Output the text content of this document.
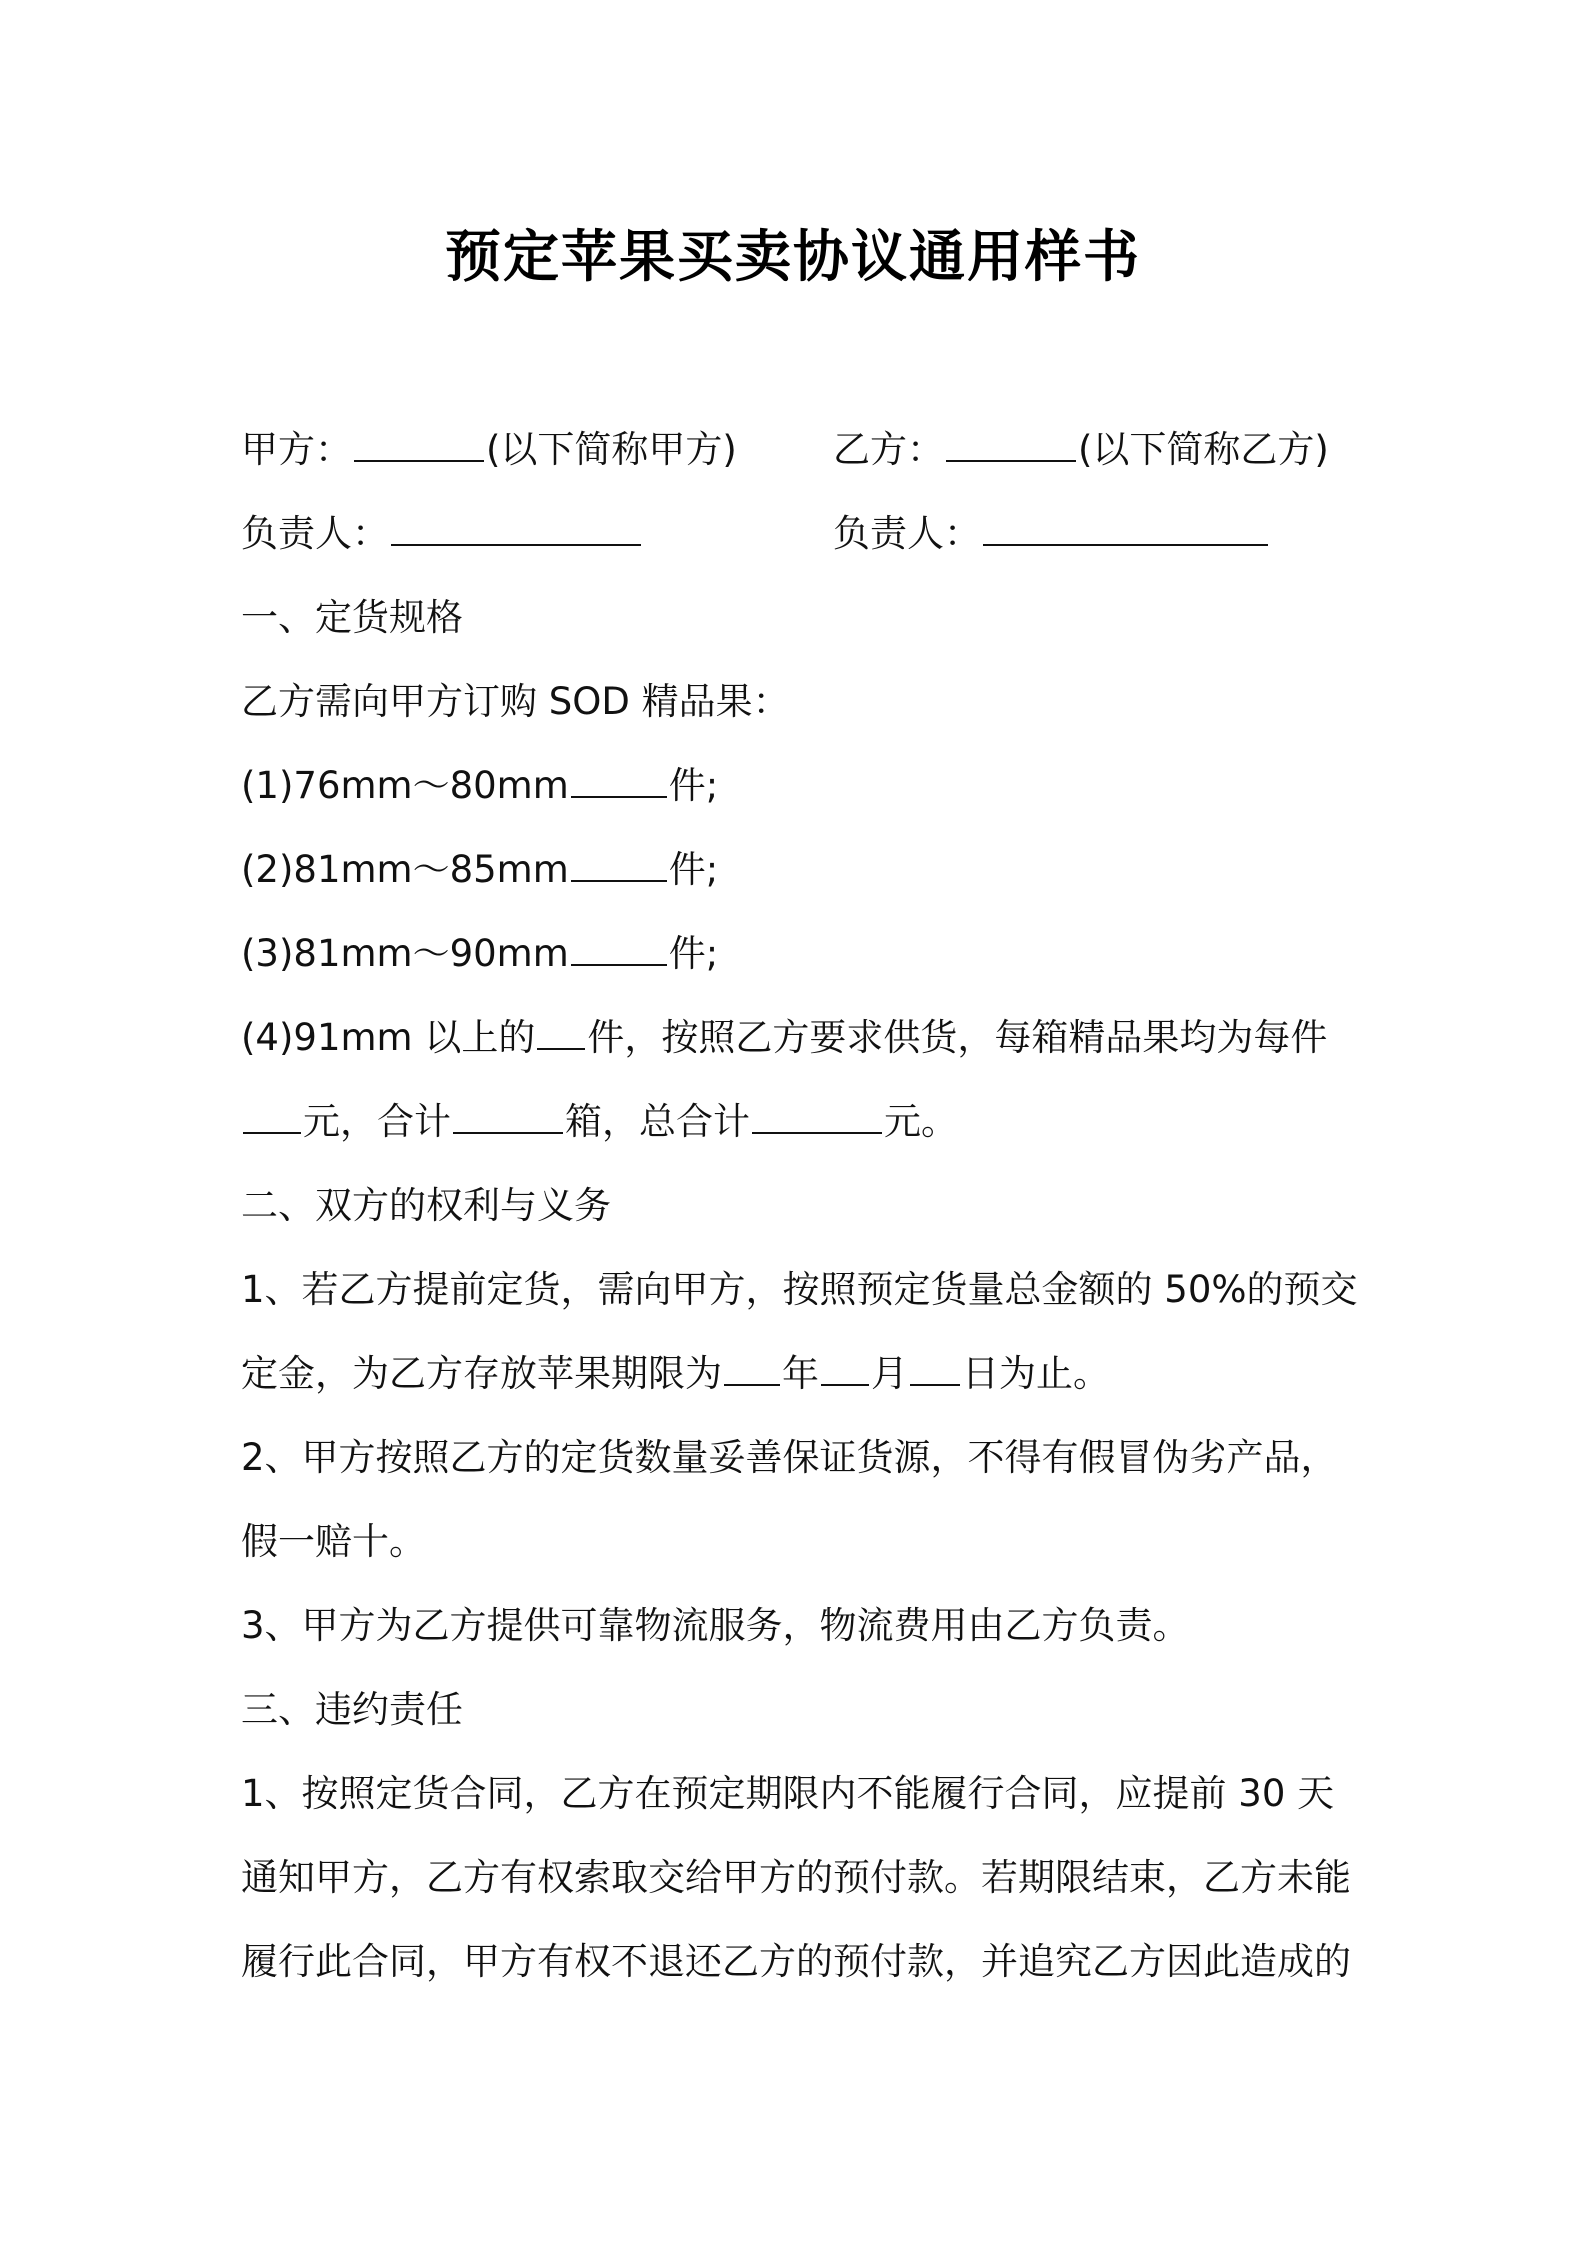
预定苹果买卖协议通用样书
甲方：	(以下简称甲方)	乙方：	(以下简称乙方)
负责人：	负责人：
一、定货规格
乙方需向甲方订购 SOD 精品果：
(1)76mm～80mm	件;
(2)81mm～85mm	件;
(3)81mm～90mm	件;
(4)91mm 以上的 件，按照乙方要求供货，每箱精品果均为每件
元，合计	箱，总合计	元。
二、双方的权利与义务
1、若乙方提前定货，需向甲方，按照预定货量总金额的 50%的预交
定金，为乙方存放苹果期限为 年 月 日为止。
2、甲方按照乙方的定货数量妥善保证货源，不得有假冒伪劣产品，
假一赔十。
3、甲方为乙方提供可靠物流服务，物流费用由乙方负责。
三、违约责任
1、按照定货合同，乙方在预定期限内不能履行合同，应提前 30 天
通知甲方，乙方有权索取交给甲方的预付款。若期限结束，乙方未能
履行此合同，甲方有权不退还乙方的预付款，并追究乙方因此造成的
